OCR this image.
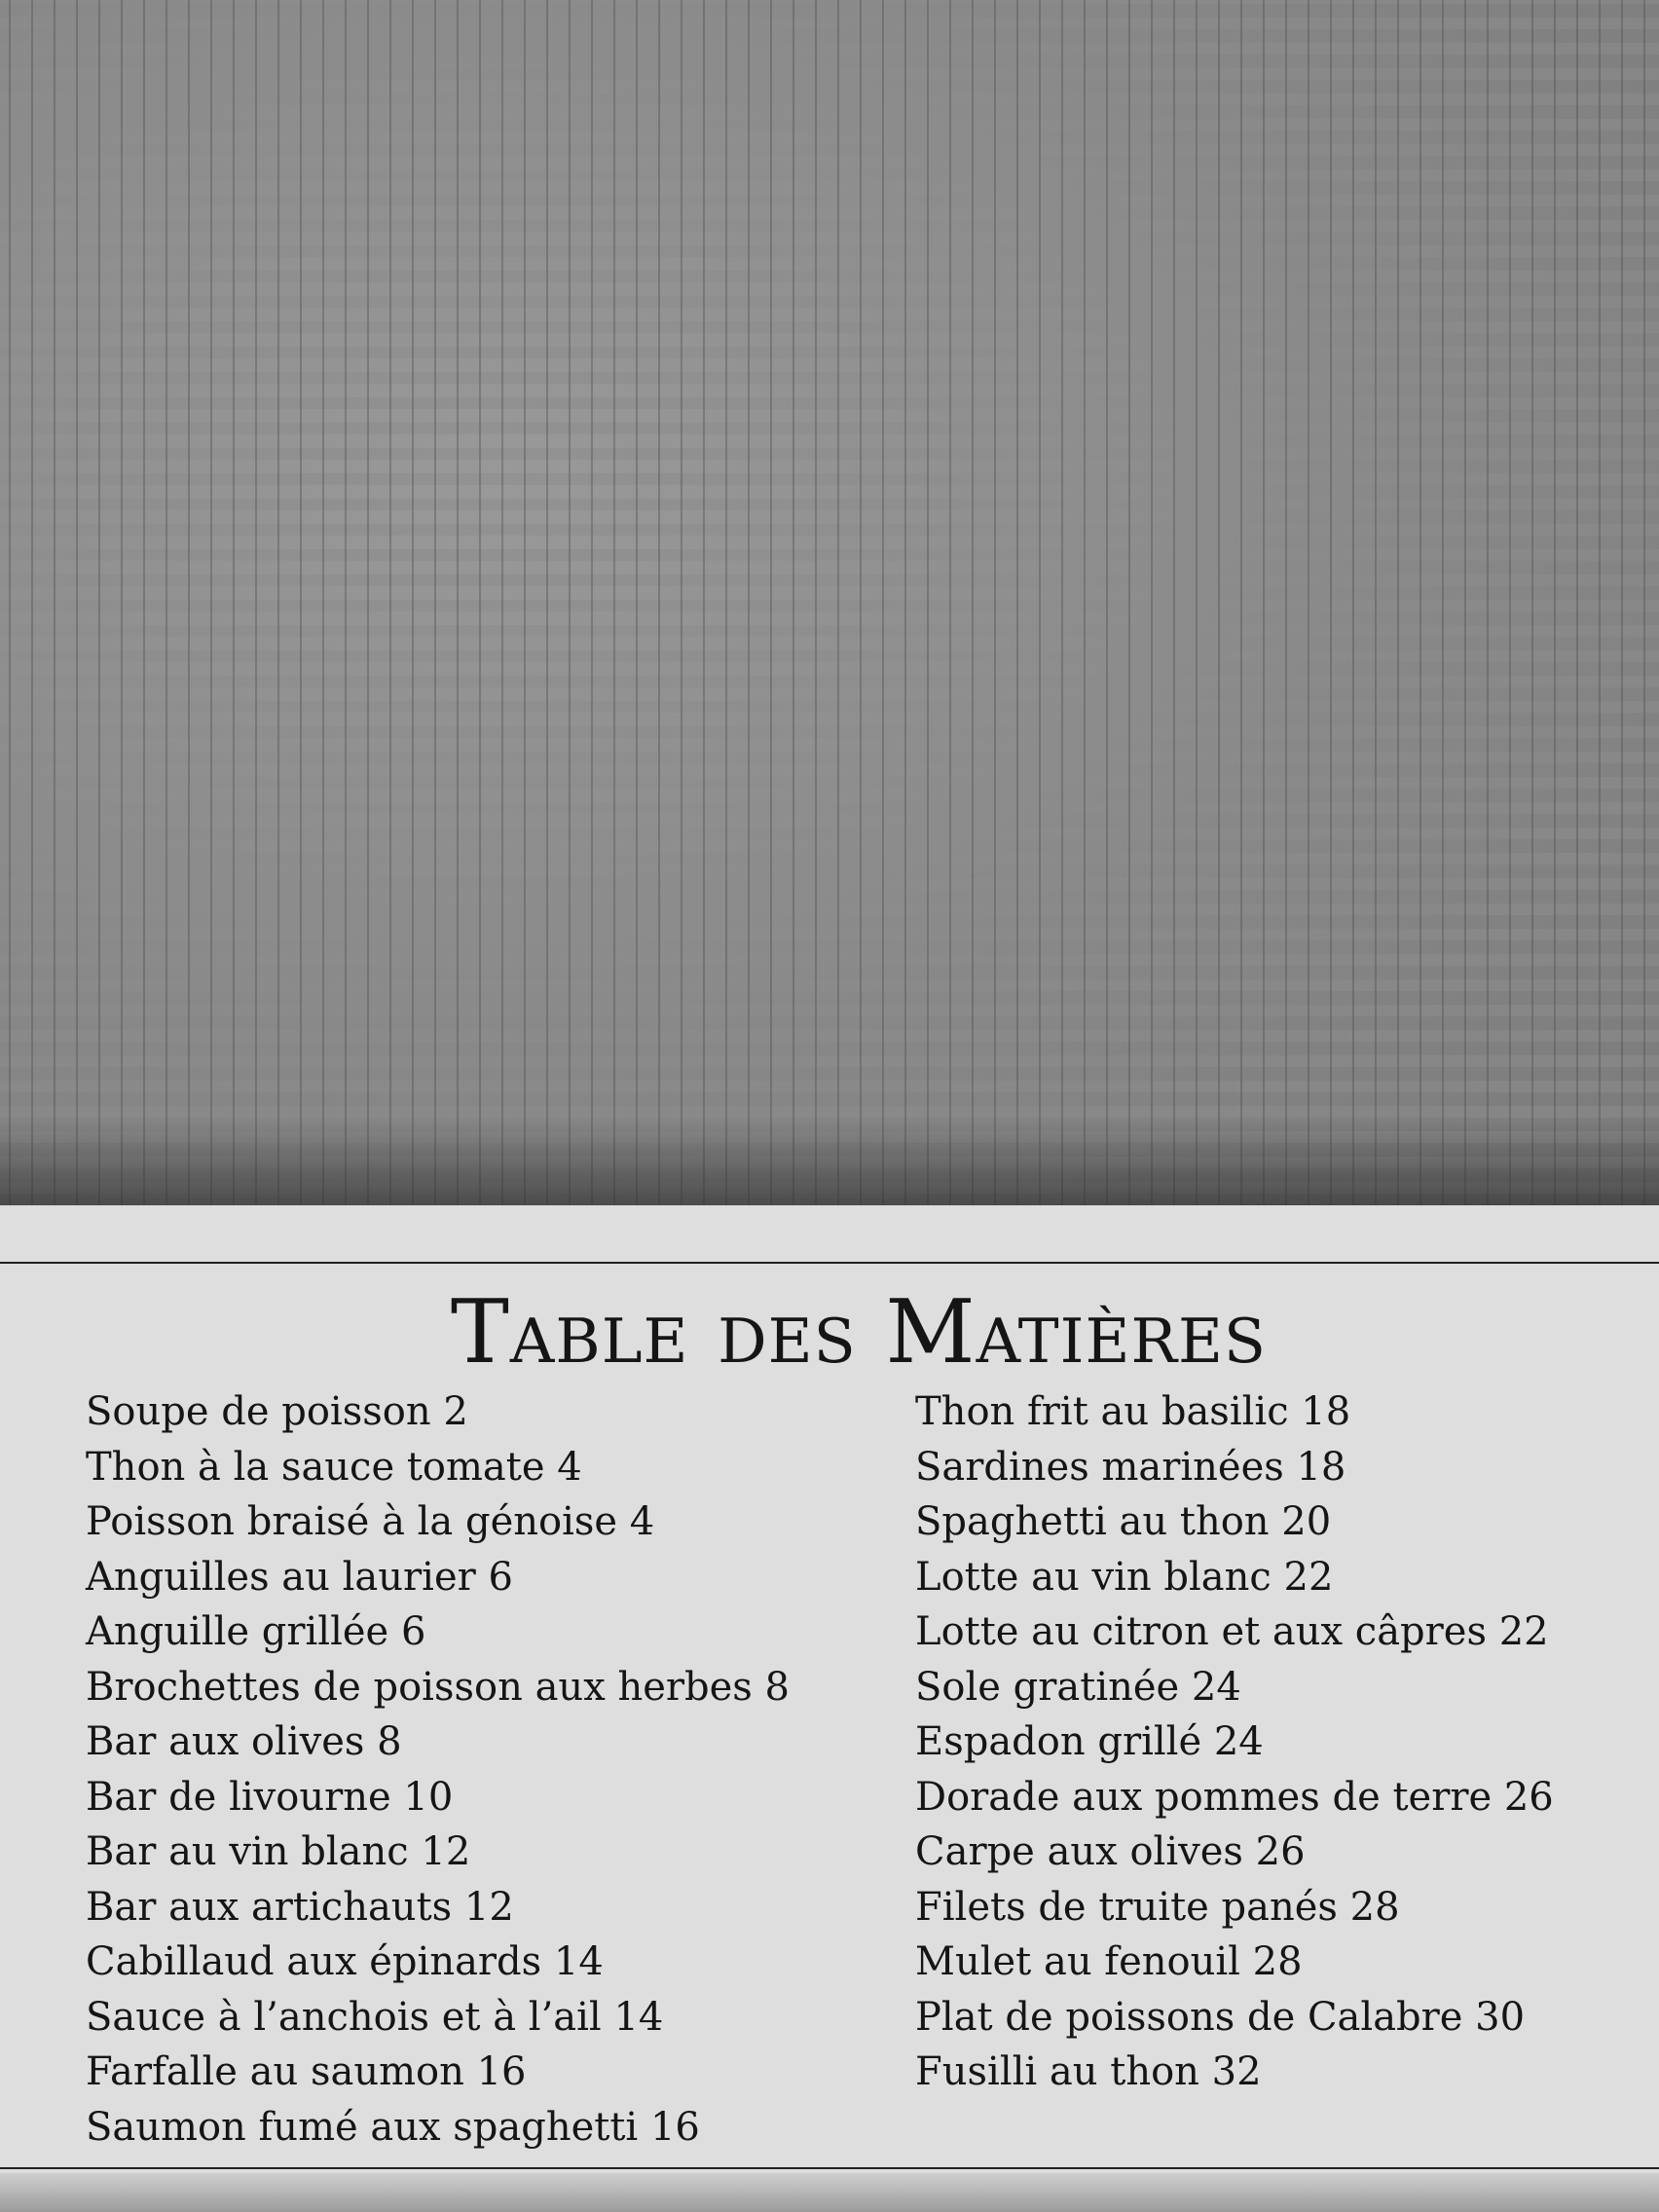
Table des Matières
Soupe de poisson 2
Thon à la sauce tomate 4
Poisson braisé à la génoise 4
Anguilles au laurier 6
Anguille grillée 6
Brochettes de poisson aux herbes 8
Bar aux olives 8
Bar de livourne 10
Bar au vin blanc 12
Bar aux artichauts 12
Cabillaud aux épinards 14
Sauce à l’anchois et à l’ail 14
Farfalle au saumon 16
Saumon fumé aux spaghetti 16
Thon frit au basilic 18
Sardines marinées 18
Spaghetti au thon 20
Lotte au vin blanc 22
Lotte au citron et aux câpres 22
Sole gratinée 24
Espadon grillé 24
Dorade aux pommes de terre 26
Carpe aux olives 26
Filets de truite panés 28
Mulet au fenouil 28
Plat de poissons de Calabre 30
Fusilli au thon 32
